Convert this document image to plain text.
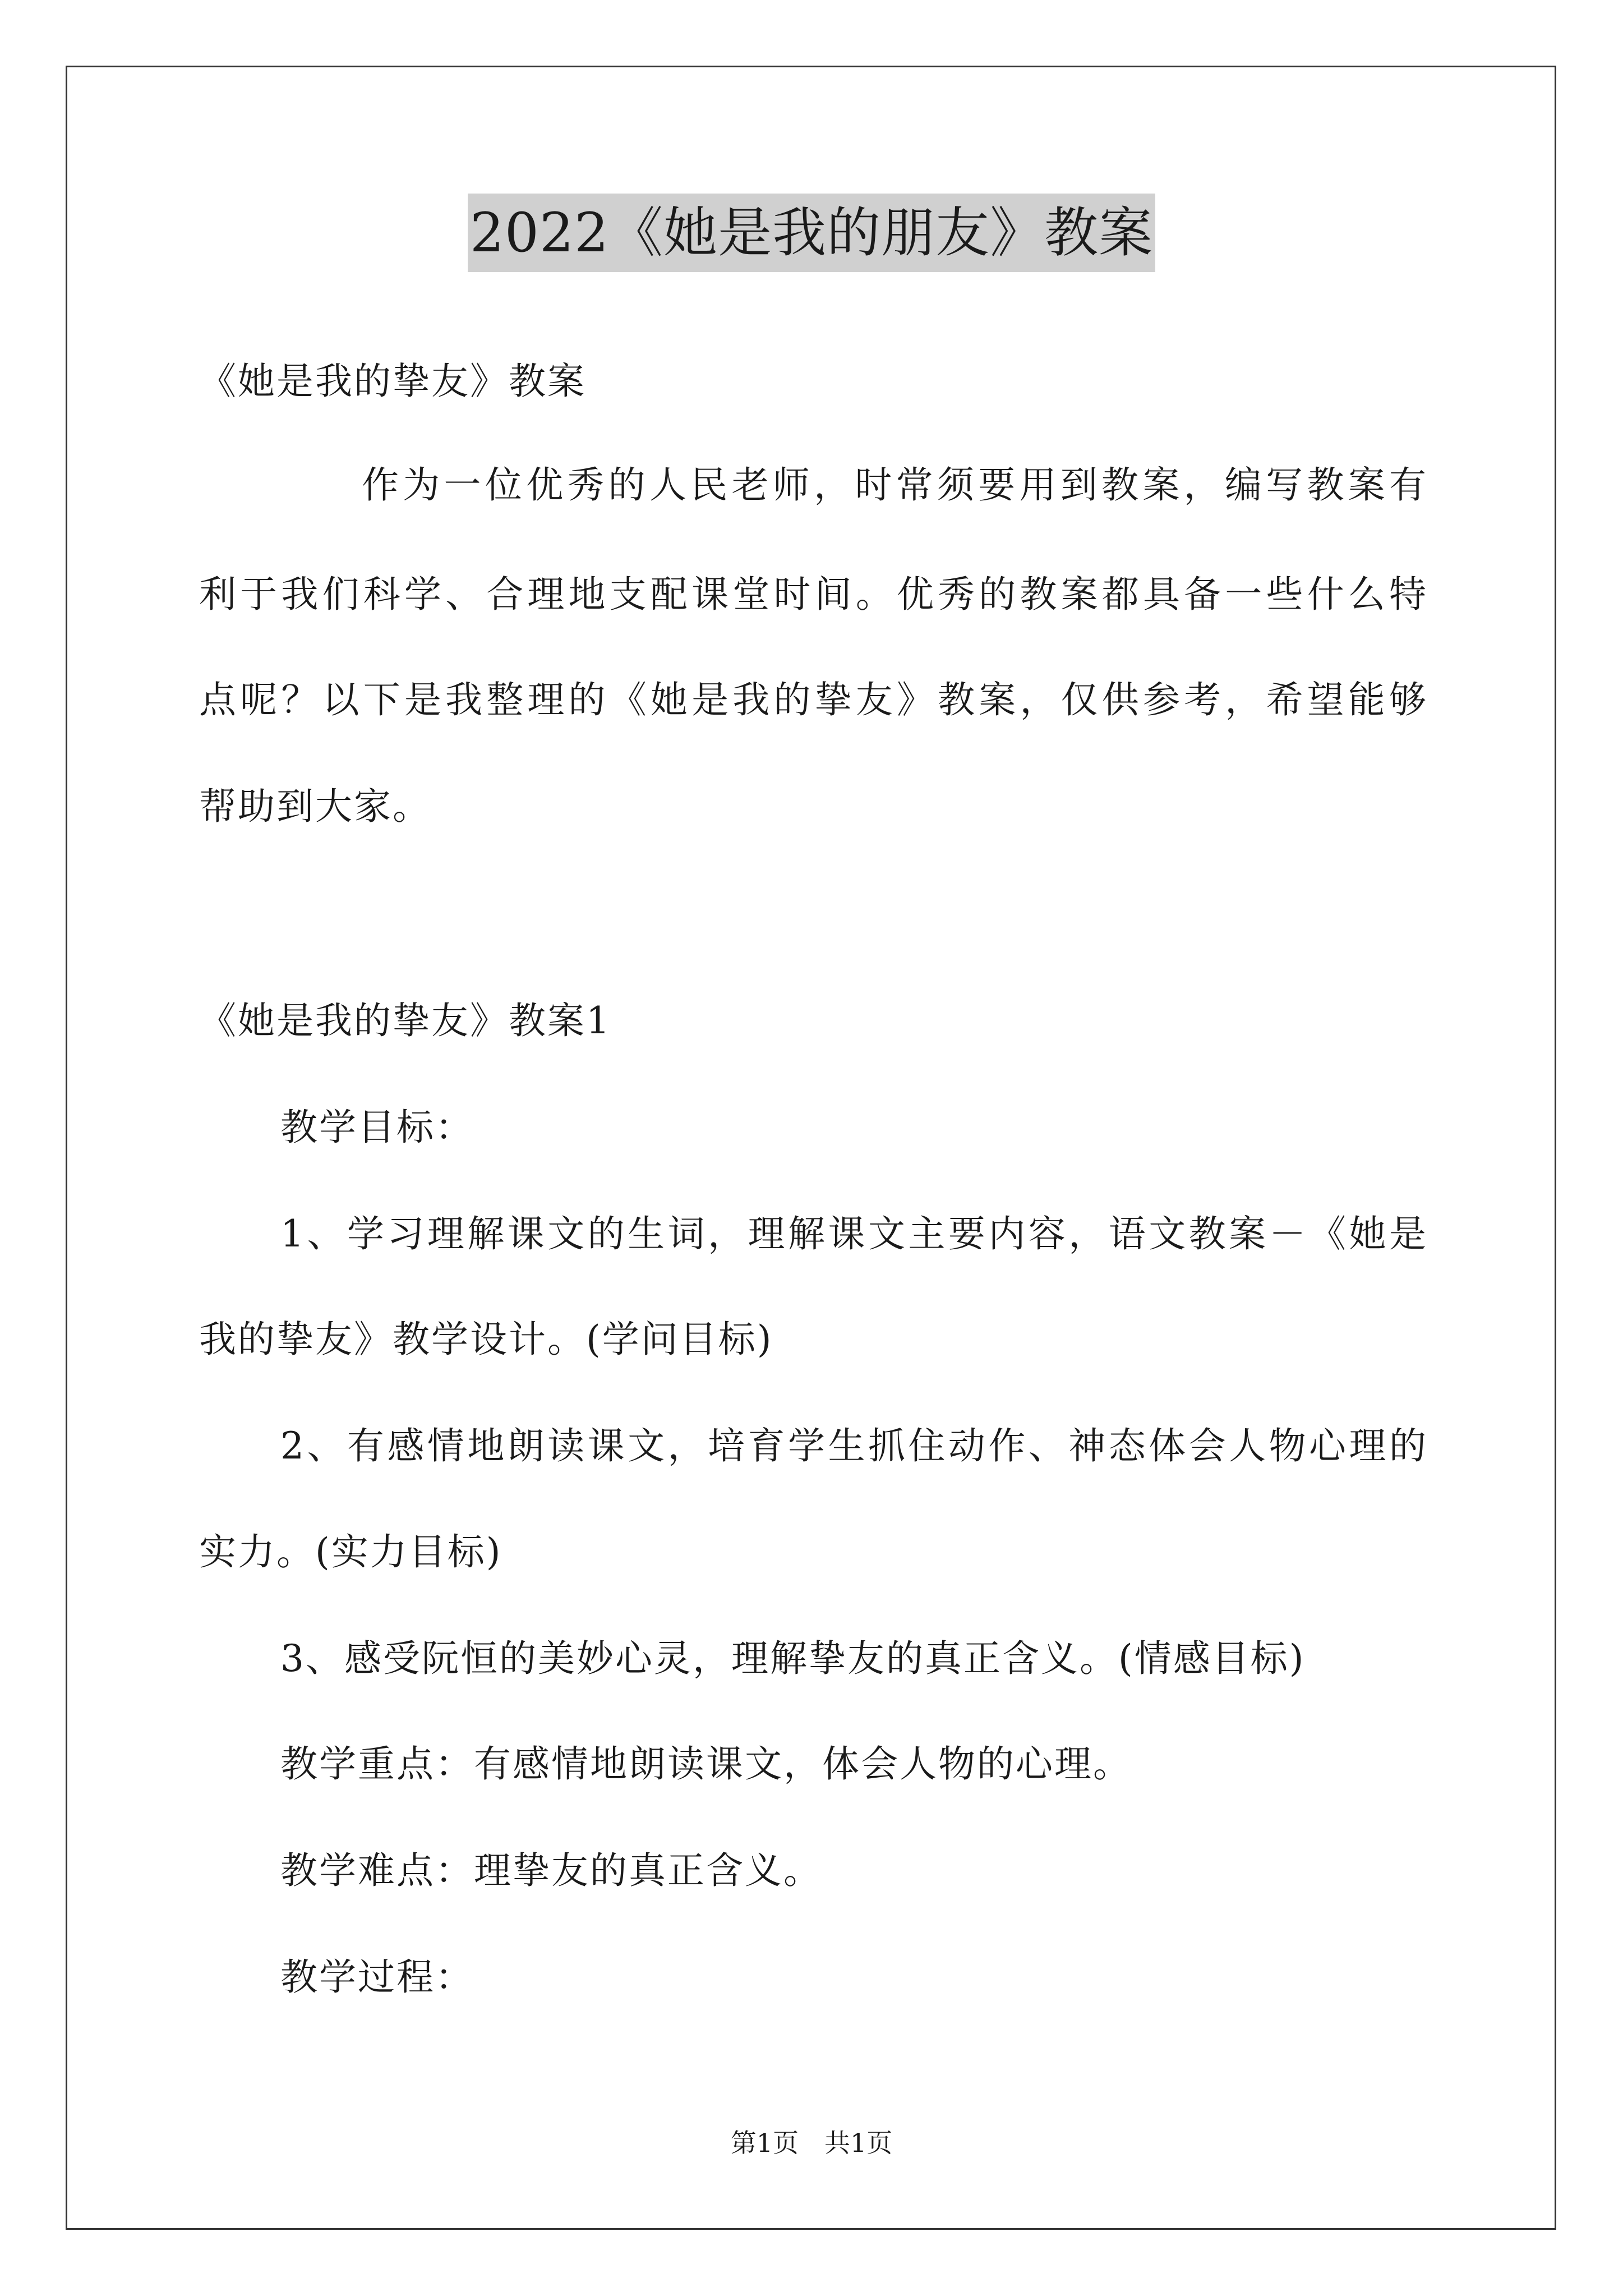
2022《她是我的朋友》教案
《她是我的挚友》教案
作为一位优秀的人民老师，时常须要用到教案，编写教案有
利于我们科学、合理地支配课堂时间。优秀的教案都具备一些什么特
点呢？以下是我整理的《她是我的挚友》教案，仅供参考，希望能够
帮助到大家。
《她是我的挚友》教案1
教学目标：
1、学习理解课文的生词，理解课文主要内容，语文教案－《她是
我的挚友》教学设计。(学问目标)
2、有感情地朗读课文，培育学生抓住动作、神态体会人物心理的
实力。(实力目标)
3、感受阮恒的美妙心灵，理解挚友的真正含义。(情感目标)
教学重点：有感情地朗读课文，体会人物的心理。
教学难点：理挚友的真正含义。
教学过程：
第1页　共1页
